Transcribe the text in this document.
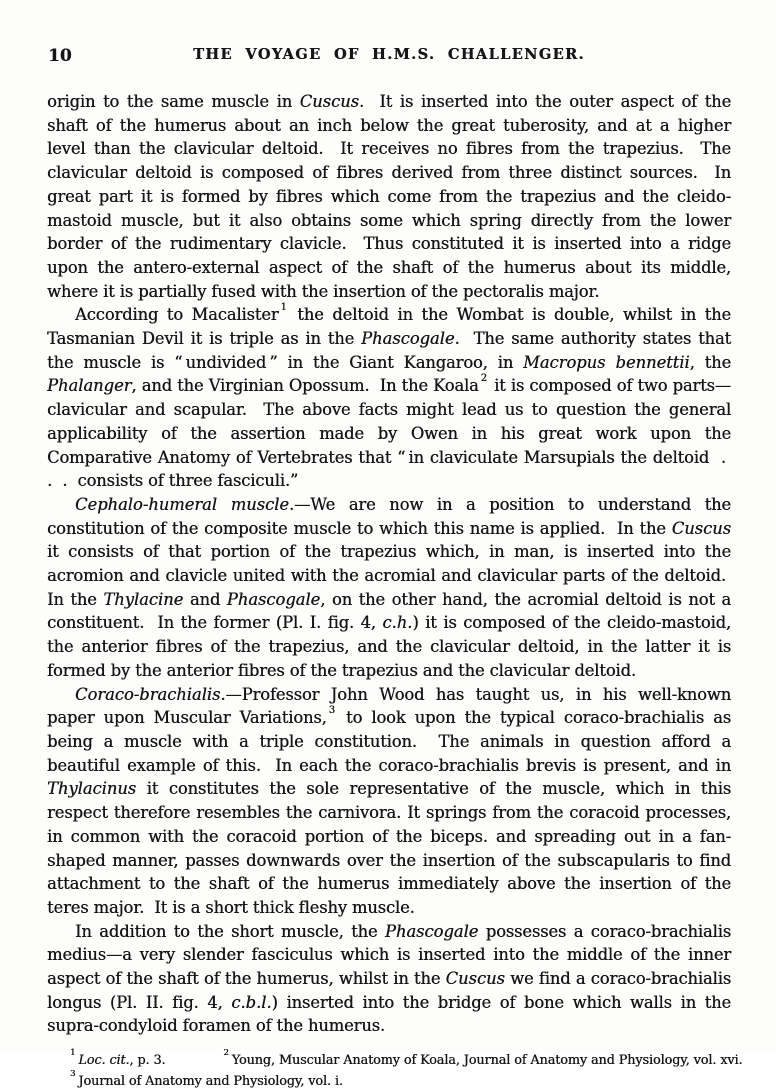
10	THE VOYAGE OF H.M.S. CHALLENGER.

origin to the same muscle in Cuscus.  It is inserted into the outer aspect of the shaft of the humerus about an inch below the great tuberosity, and at a higher level than the clavicular deltoid.  It receives no fibres from the trapezius.  The clavicular deltoid is composed of fibres derived from three distinct sources.  In great part it is formed by fibres which come from the trapezius and the cleido-mastoid muscle, but it also obtains some which spring directly from the lower border of the rudimentary clavicle.  Thus constituted it is inserted into a ridge upon the antero-external aspect of the shaft of the humerus about its middle, where it is partially fused with the insertion of the pectoralis major.

According to Macalister $^1$ the deltoid in the Wombat is double, whilst in the Tasmanian Devil it is triple as in the Phascogale.  The same authority states that the muscle is “ undivided ” in the Giant Kangaroo, in Macropus bennettii, the Phalanger, and the Virginian Opossum.  In the Koala $^2$ it is composed of two parts—clavicular and scapular.  The above facts might lead us to question the general applicability of the assertion made by Owen in his great work upon the Comparative Anatomy of Vertebrates that “ in claviculate Marsupials the deltoid  .  .  .  consists of three fasciculi.”

Cephalo-humeral muscle.—We are now in a position to understand the constitution of the composite muscle to which this name is applied.  In the Cuscus it consists of that portion of the trapezius which, in man, is inserted into the acromion and clavicle united with the acromial and clavicular parts of the deltoid.  In the Thylacine and Phascogale, on the other hand, the acromial deltoid is not a constituent.  In the former (Pl. I. fig. 4, c.h.) it is composed of the cleido-mastoid, the anterior fibres of the trapezius, and the clavicular deltoid, in the latter it is formed by the anterior fibres of the trapezius and the clavicular deltoid.

Coraco-brachialis.—Professor John Wood has taught us, in his well-known paper upon Muscular Variations, $^3$ to look upon the typical coraco-brachialis as being a muscle with a triple constitution.  The animals in question afford a beautiful example of this.  In each the coraco-brachialis brevis is present, and in Thylacinus it constitutes the sole representative of the muscle, which in this respect therefore resembles the carnivora. It springs from the coracoid processes, in common with the coracoid portion of the biceps. and spreading out in a fan-shaped manner, passes downwards over the insertion of the subscapularis to find attachment to the shaft of the humerus immediately above the insertion of the teres major.  It is a short thick fleshy muscle.

In addition to the short muscle, the Phascogale possesses a coraco-brachialis medius—a very slender fasciculus which is inserted into the middle of the inner aspect of the shaft of the humerus, whilst in the Cuscus we find a coraco-brachialis longus (Pl. II. fig. 4, c.b.l.) inserted into the bridge of bone which walls in the supra-condyloid foramen of the humerus.

$^1$ Loc. cit., p. 3.	$^2$ Young, Muscular Anatomy of Koala, Journal of Anatomy and Physiology, vol. xvi.
$^3$ Journal of Anatomy and Physiology, vol. i.
